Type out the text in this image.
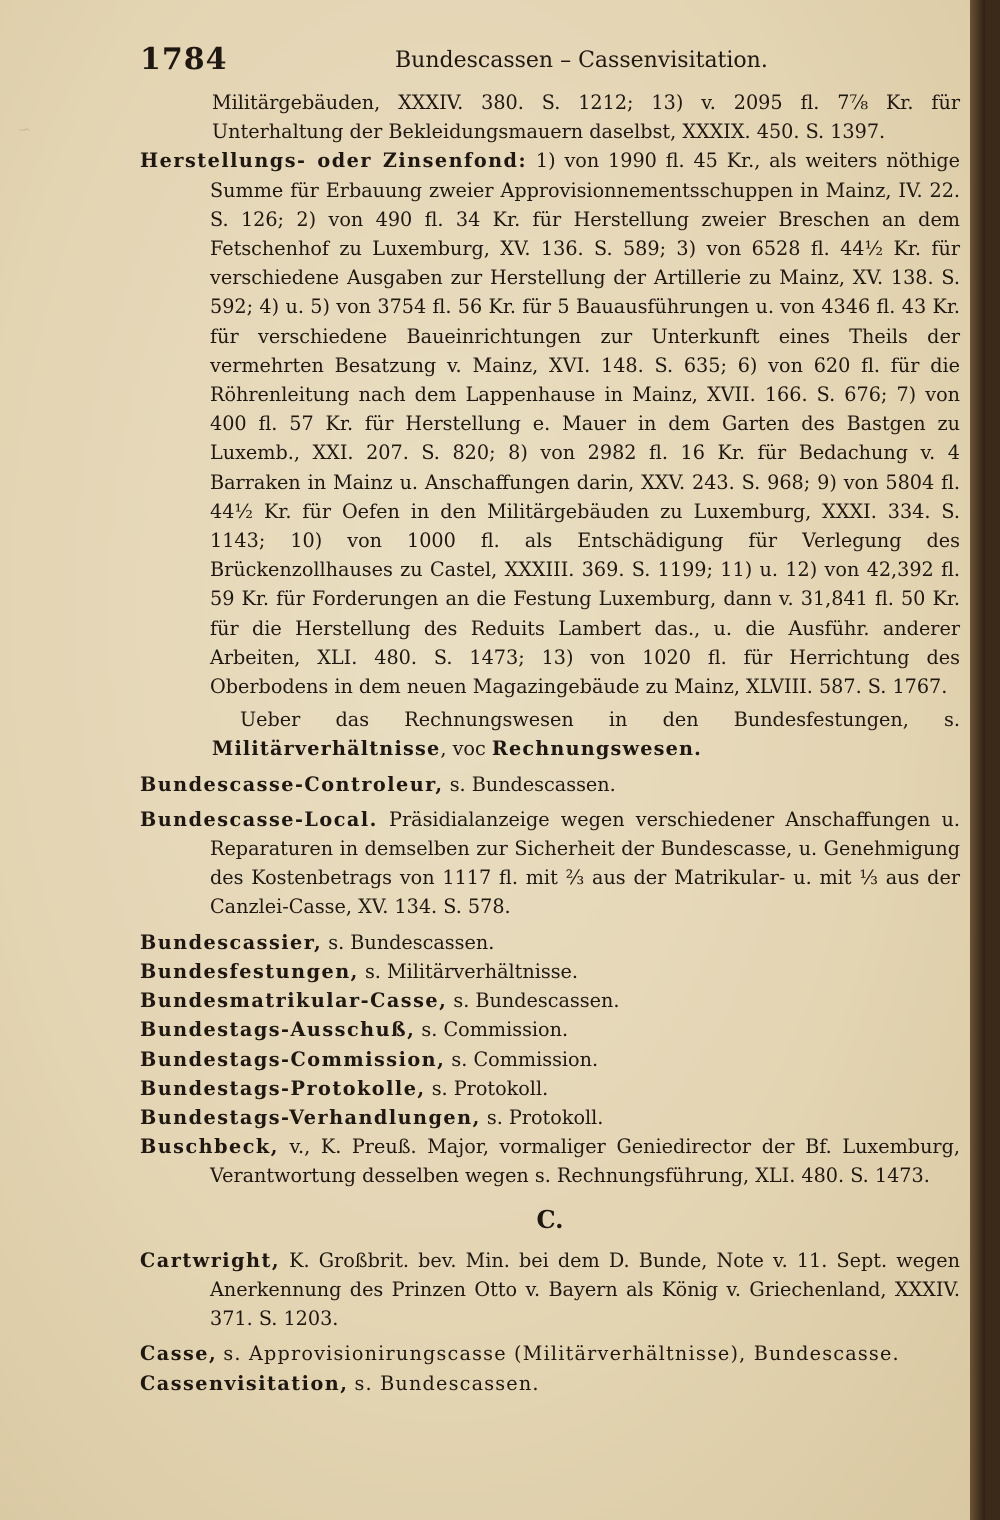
~
1784	Bundescassen – Cassenvisitation.

Militärgebäuden, XXXIV. 380. S. 1212; 13) v. 2095 fl. 7⅞ Kr. für Unterhaltung der Bekleidungsmauern daselbst, XXXIX. 450. S. 1397.

Herstellungs- oder Zinsenfond: 1) von 1990 fl. 45 Kr., als weiters nöthige Summe für Erbauung zweier Approvisionnementsschuppen in Mainz, IV. 22. S. 126; 2) von 490 fl. 34 Kr. für Herstellung zweier Breschen an dem Fetschenhof zu Luxemburg, XV. 136. S. 589; 3) von 6528 fl. 44½ Kr. für verschiedene Ausgaben zur Herstellung der Artillerie zu Mainz, XV. 138. S. 592; 4) u. 5) von 3754 fl. 56 Kr. für 5 Bauausführungen u. von 4346 fl. 43 Kr. für verschiedene Baueinrichtungen zur Unterkunft eines Theils der vermehrten Besatzung v. Mainz, XVI. 148. S. 635; 6) von 620 fl. für die Röhrenleitung nach dem Lappenhause in Mainz, XVII. 166. S. 676; 7) von 400 fl. 57 Kr. für Herstellung e. Mauer in dem Garten des Bastgen zu Luxemb., XXI. 207. S. 820; 8) von 2982 fl. 16 Kr. für Bedachung v. 4 Barraken in Mainz u. Anschaffungen darin, XXV. 243. S. 968; 9) von 5804 fl. 44½ Kr. für Oefen in den Militärgebäuden zu Luxemburg, XXXI. 334. S. 1143; 10) von 1000 fl. als Entschädigung für Verlegung des Brückenzollhauses zu Castel, XXXIII. 369. S. 1199; 11) u. 12) von 42,392 fl. 59 Kr. für Forderungen an die Festung Luxemburg, dann v. 31,841 fl. 50 Kr. für die Herstellung des Reduits Lambert das., u. die Ausführ. anderer Arbeiten, XLI. 480. S. 1473; 13) von 1020 fl. für Herrichtung des Oberbodens in dem neuen Magazingebäude zu Mainz, XLVIII. 587. S. 1767.

Ueber das Rechnungswesen in den Bundesfestungen, s. Militärverhältnisse, voc Rechnungswesen.

Bundescasse-Controleur, s. Bundescassen.

Bundescasse-Local. Präsidialanzeige wegen verschiedener Anschaffungen u. Reparaturen in demselben zur Sicherheit der Bundescasse, u. Genehmigung des Kostenbetrags von 1117 fl. mit ⅔ aus der Matrikular- u. mit ⅓ aus der Canzlei-Casse, XV. 134. S. 578.

Bundescassier, s. Bundescassen.

Bundesfestungen, s. Militärverhältnisse.

Bundesmatrikular-Casse, s. Bundescassen.

Bundestags-Ausschuß, s. Commission.

Bundestags-Commission, s. Commission.

Bundestags-Protokolle, s. Protokoll.

Bundestags-Verhandlungen, s. Protokoll.

Buschbeck, v., K. Preuß. Major, vormaliger Geniedirector der Bf. Luxemburg, Verantwortung desselben wegen s. Rechnungsführung, XLI. 480. S. 1473.

C.

Cartwright, K. Großbrit. bev. Min. bei dem D. Bunde, Note v. 11. Sept. wegen Anerkennung des Prinzen Otto v. Bayern als König v. Griechenland, XXXIV. 371. S. 1203.

Casse, s. Approvisionirungscasse (Militärverhältnisse), Bundescasse.

Cassenvisitation, s. Bundescassen.
